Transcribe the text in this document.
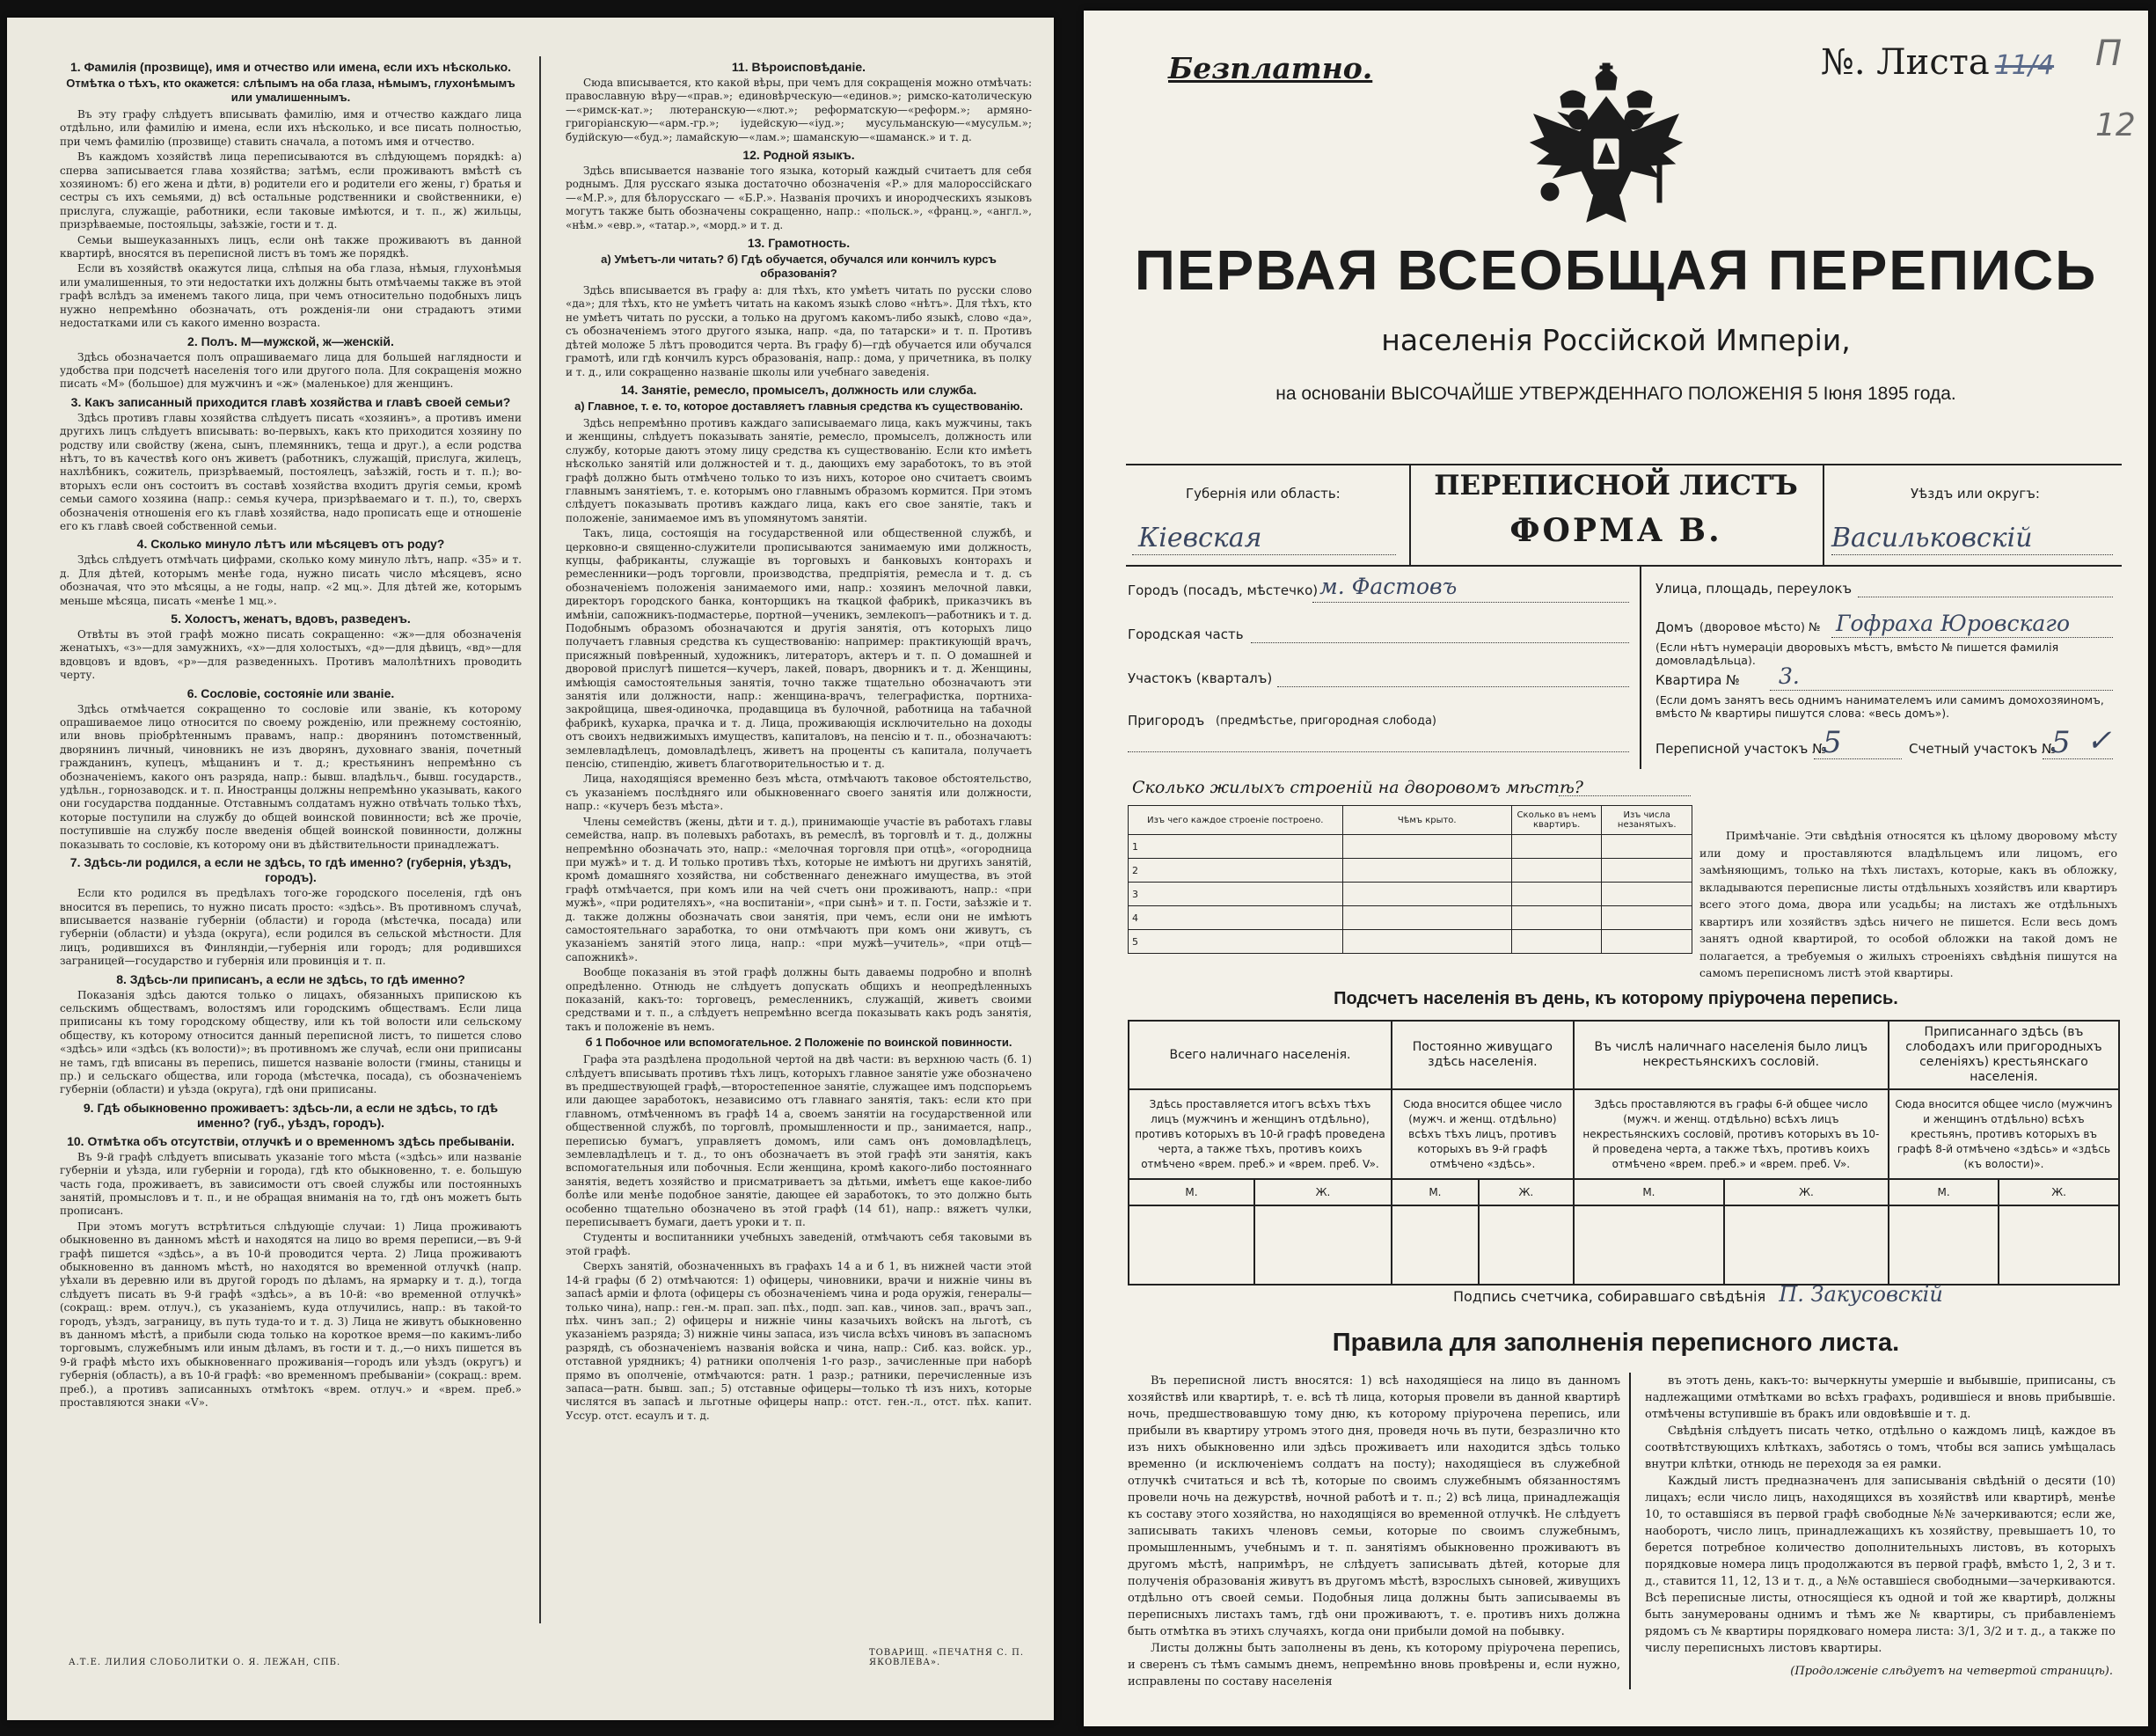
1. Фамилія (прозвище), имя и отчество или имена, если ихъ нѣсколько.
Отмѣтка о тѣхъ, кто окажется: слѣпымъ на оба глаза, нѣмымъ, глухонѣмымъ или умалишеннымъ.
Въ эту графу слѣдуетъ вписывать фамилію, имя и отчество каждаго лица отдѣльно, или фамилію и имена, если ихъ нѣсколько, и все писать полностью, при чемъ фамилію (прозвище) ставить сначала, а потомъ имя и отчество.
Въ каждомъ хозяйствѣ лица переписываются въ слѣдующемъ порядкѣ: а) сперва записывается глава хозяйства; затѣмъ, если проживаютъ вмѣстѣ съ хозяиномъ: б) его жена и дѣти, в) родители его и родители его жены, г) братья и сестры съ ихъ семьями, д) всѣ остальные родственники и свойственники, е) прислуга, служащіе, работники, если таковые имѣются, и т. п., ж) жильцы, призрѣваемые, постояльцы, заѣзжіе, гости и т. д.
Семьи вышеуказанныхъ лицъ, если онѣ также проживаютъ въ данной квартирѣ, вносятся въ переписной листъ въ томъ же порядкѣ.
Если въ хозяйствѣ окажутся лица, слѣпыя на оба глаза, нѣмыя, глухонѣмыя или умалишенныя, то эти недостатки ихъ должны быть отмѣчаемы также въ этой графѣ вслѣдъ за именемъ такого лица, при чемъ относительно подобныхъ лицъ нужно непремѣнно обозначать, отъ рожденія-ли они страдаютъ этими недостатками или съ какого именно возраста.
2. Полъ. М—мужской, ж—женскій.
Здѣсь обозначается полъ опрашиваемаго лица для большей наглядности и удобства при подсчетѣ населенія того или другого пола. Для сокращенія можно писать «М» (большое) для мужчинъ и «ж» (маленькое) для женщинъ.
3. Какъ записанный приходится главѣ хозяйства и главѣ своей семьи?
Здѣсь противъ главы хозяйства слѣдуетъ писать «хозяинъ», а противъ имени другихъ лицъ слѣдуетъ вписывать: во-первыхъ, какъ кто приходится хозяину по родству или свойству (жена, сынъ, племянникъ, теща и друг.), а если родства нѣтъ, то въ качествѣ кого онъ живетъ (работникъ, служащій, прислуга, жилецъ, нахлѣбникъ, сожитель, призрѣваемый, постоялецъ, заѣзжій, гость и т. п.); во-вторыхъ если онъ состоитъ въ составѣ хозяйства входитъ другія семьи, кромѣ семьи самого хозяина (напр.: семья кучера, призрѣваемаго и т. п.), то, сверхъ обозначенія отношенія его къ главѣ хозяйства, надо прописать еще и отношеніе его къ главѣ своей собственной семьи.
4. Сколько минуло лѣтъ или мѣсяцевъ отъ роду?
Здѣсь слѣдуетъ отмѣчать цифрами, сколько кому минуло лѣтъ, напр. «35» и т. д. Для дѣтей, которымъ менѣе года, нужно писать число мѣсяцевъ, ясно обозначая, что это мѣсяцы, а не годы, напр. «2 мц.». Для дѣтей же, которымъ меньше мѣсяца, писать «менѣе 1 мц.».
5. Холостъ, женатъ, вдовъ, разведенъ.
Отвѣты въ этой графѣ можно писать сокращенно: «ж»—для обозначенія женатыхъ, «з»—для замужнихъ, «х»—для холостыхъ, «д»—для дѣвицъ, «вд»—для вдовцовъ и вдовъ, «р»—для разведенныхъ. Противъ малолѣтнихъ проводить черту.
6. Сословіе, состояніе или званіе.
Здѣсь отмѣчается сокращенно то сословіе или званіе, къ которому опрашиваемое лицо относится по своему рожденію, или прежнему состоянію, или вновь пріобрѣтеннымъ правамъ, напр.: дворянинъ потомственный, дворянинъ личный, чиновникъ не изъ дворянъ, духовнаго званія, почетный гражданинъ, купецъ, мѣщанинъ и т. д.; крестьянинъ непремѣнно съ обозначеніемъ, какого онъ разряда, напр.: бывш. владѣльч., бывш. государств., удѣльн., горнозаводск. и т. п. Иностранцы должны непремѣнно указывать, какого они государства подданные. Отставнымъ солдатамъ нужно отвѣчать только тѣхъ, которые поступили на службу до общей воинской повинности; всѣ же прочіе, поступившіе на службу после введенія общей воинской повинности, должны показывать то сословіе, къ которому они въ дѣйствительности принадлежатъ.
7. Здѣсь-ли родился, а если не здѣсь, то гдѣ именно? (губернія, уѣздъ, городъ).
Если кто родился въ предѣлахъ того-же городского поселенія, гдѣ онъ вносится въ перепись, то нужно писать просто: «здѣсь». Въ противномъ случаѣ, вписывается названіе губерніи (области) и города (мѣстечка, посада) или губерніи (области) и уѣзда (округа), если родился въ сельской мѣстности. Для лицъ, родившихся въ Финляндіи,—губернія или городъ; для родившихся заграницей—государство и губернія или провинція и т. п.
8. Здѣсь-ли приписанъ, а если не здѣсь, то гдѣ именно?
Показанія здѣсь даются только о лицахъ, обязанныхъ припискою къ сельскимъ обществамъ, волостямъ или городскимъ обществамъ. Если лица приписаны къ тому городскому обществу, или къ той волости или сельскому обществу, къ которому относится данный переписной листъ, то пишется слово «здѣсь» или «здѣсь (къ волости)»; въ противномъ же случаѣ, если они приписаны не тамъ, гдѣ вписаны въ перепись, пишется названіе волости (гмины, станицы и пр.) и сельскаго общества, или города (мѣстечка, посада), съ обозначеніемъ губерніи (области) и уѣзда (округа), гдѣ они приписаны.
9. Гдѣ обыкновенно проживаетъ: здѣсь-ли, а если не здѣсь, то гдѣ именно? (губ., уѣздъ, городъ).
10. Отмѣтка объ отсутствіи, отлучкѣ и о временномъ здѣсь пребываніи.
Въ 9-й графѣ слѣдуетъ вписывать указаніе того мѣста («здѣсь» или названіе губерніи и уѣзда, или губерніи и города), гдѣ кто обыкновенно, т. е. большую часть года, проживаетъ, въ зависимости отъ своей службы или постоянныхъ занятій, промысловъ и т. п., и не обращая вниманія на то, гдѣ онъ можетъ быть прописанъ.
При этомъ могутъ встрѣтиться слѣдующіе случаи: 1) Лица проживаютъ обыкновенно въ данномъ мѣстѣ и находятся на лицо во время переписи,—въ 9-й графѣ пишется «здѣсь», а въ 10-й проводится черта. 2) Лица проживаютъ обыкновенно въ данномъ мѣстѣ, но находятся во временной отлучкѣ (напр. уѣхали въ деревню или въ другой городъ по дѣламъ, на ярмарку и т. д.), тогда слѣдуетъ писать въ 9-й графѣ «здѣсь», а въ 10-й: «во временной отлучкѣ» (сокращ.: врем. отлуч.), съ указаніемъ, куда отлучились, напр.: въ такой-то городъ, уѣздъ, заграницу, въ путь туда-то и т. д. 3) Лица не живутъ обыкновенно въ данномъ мѣстѣ, а прибыли сюда только на короткое время—по какимъ-либо торговымъ, служебнымъ или иным дѣламъ, въ гости и т. д.,—о нихъ пишется въ 9-й графѣ мѣсто ихъ обыкновеннаго проживанія—городъ или уѣздъ (округъ) и губернія (область), а въ 10-й графѣ: «во временномъ пребываніи» (сокращ.: врем. преб.), а противъ записанныхъ отмѣтокъ «врем. отлуч.» и «врем. преб.» проставляются знаки «V».
11. Вѣроисповѣданіе.
Сюда вписывается, кто какой вѣры, при чемъ для сокращенія можно отмѣчать: православную вѣру—«прав.»; единовѣрческую—«единов.»; римско-католическую—«римск-кат.»; лютеранскую—«лют.»; реформатскую—«реформ.»; армяно-григоріанскую—«арм.-гр.»; іудейскую—«іуд.»; мусульманскую—«мусульм.»; будійскую—«буд.»; ламайскую—«лам.»; шаманскую—«шаманск.» и т. д.
12. Родной языкъ.
Здѣсь вписывается названіе того языка, который каждый считаетъ для себя роднымъ. Для русскаго языка достаточно обозначенія «Р.» для малороссійскаго—«М.Р.», для бѣлорусскаго — «Б.Р.». Названія прочихъ и инородческихъ языковъ могутъ также быть обозначены сокращенно, напр.: «польск.», «франц.», «англ.», «нѣм.» «евр.», «татар.», «морд.» и т. д.
13. Грамотность.
а) Умѣетъ-ли читать? б) Гдѣ обучается, обучался или кончилъ курсъ образованія?
Здѣсь вписывается въ графу а: для тѣхъ, кто умѣетъ читать по русски слово «да»; для тѣхъ, кто не умѣетъ читать на какомъ языкѣ слово «нѣтъ». Для тѣхъ, кто не умѣетъ читать по русски, а только на другомъ какомъ-либо языкѣ, слово «да», съ обозначеніемъ этого другого языка, напр. «да, по татарски» и т. п. Противъ дѣтей моложе 5 лѣтъ проводится черта. Въ графу б)—гдѣ обучается или обучался грамотѣ, или гдѣ кончилъ курсъ образованія, напр.: дома, у причетника, въ полку и т. д., или сокращенно названіе школы или учебнаго заведенія.
14. Занятіе, ремесло, промыселъ, должность или служба.
а) Главное, т. е. то, которое доставляетъ главныя средства къ существованію.
Здѣсь непремѣнно противъ каждаго записываемаго лица, какъ мужчины, такъ и женщины, слѣдуетъ показывать занятіе, ремесло, промыселъ, должность или службу, которые даютъ этому лицу средства къ существованію. Если кто имѣетъ нѣсколько занятій или должностей и т. д., дающихъ ему заработокъ, то въ этой графѣ должно быть отмѣчено только то изъ нихъ, которое оно считаетъ своимъ главнымъ занятіемъ, т. е. которымъ оно главнымъ образомъ кормится. При этомъ слѣдуетъ показывать противъ каждаго лица, какъ его свое занятіе, такъ и положеніе, занимаемое имъ въ упомянутомъ занятіи.
Такъ, лица, состоящія на государственной или общественной службѣ, и церковно-и священно-служители прописываются занимаемую ими должность, купцы, фабриканты, служащіе въ торговыхъ и банковыхъ конторахъ и ремесленники—родъ торговли, производства, предпріятія, ремесла и т. д. съ обозначеніемъ положенія занимаемого ими, напр.: хозяинъ мелочной лавки, директоръ городского банка, конторщикъ на ткацкой фабрикѣ, приказчикъ въ имѣніи, сапожникъ-подмастерье, портной—ученикъ, землекопъ—работникъ и т. д. Подобнымъ образомъ обозначаются и другія занятія, отъ которыхъ лицо получаетъ главныя средства къ существованію: например: практикующій врачъ, присяжный повѣренный, художникъ, литераторъ, актеръ и т. п. О домашней и дворовой прислугѣ пишется—кучеръ, лакей, поваръ, дворникъ и т. д. Женщины, имѣющія самостоятельныя занятія, точно также тщательно обозначаютъ эти занятія или должности, напр.: женщина-врачъ, телеграфистка, портниха-закройщица, швея-одиночка, продавщица въ булочной, работница на табачной фабрикѣ, кухарка, прачка и т. д. Лица, проживающія исключительно на доходы отъ своихъ недвижимыхъ имуществъ, капиталовъ, на пенсію и т. п., обозначаютъ: землевладѣлецъ, домовладѣлецъ, живетъ на проценты съ капитала, получаетъ пенсію, стипендію, живетъ благотворительностью и т. д.
Лица, находящіяся временно безъ мѣста, отмѣчаютъ таковое обстоятельство, съ указаніемъ послѣдняго или обыкновеннаго своего занятія или должности, напр.: «кучеръ безъ мѣста».
Члены семействъ (жены, дѣти и т. д.), принимающіе участіе въ работахъ главы семейства, напр. въ полевыхъ работахъ, въ ремеслѣ, въ торговлѣ и т. д., должны непремѣнно обозначать это, напр.: «мелочная торговля при отцѣ», «огородница при мужѣ» и т. д. И только противъ тѣхъ, которые не имѣютъ ни другихъ занятій, кромѣ домашняго хозяйства, ни собственнаго денежнаго имущества, въ этой графѣ отмѣчается, при комъ или на чей счетъ они проживаютъ, напр.: «при мужѣ», «при родителяхъ», «на воспитаніи», «при сынѣ» и т. п. Гости, заѣзжіе и т. д. также должны обозначать свои занятія, при чемъ, если они не имѣютъ самостоятельнаго заработка, то они отмѣчаютъ при комъ они живутъ, съ указаніемъ занятій этого лица, напр.: «при мужѣ—учитель», «при отцѣ—сапожникѣ».
Вообще показанія въ этой графѣ должны быть даваемы подробно и вполнѣ опредѣленно. Отнюдь не слѣдуетъ допускать общихъ и неопредѣленныхъ показаній, какъ-то: торговецъ, ремесленникъ, служащій, живетъ своими средствами и т. п., а слѣдуетъ непремѣнно всегда показывать какъ родъ занятія, такъ и положеніе въ немъ.
б 1 Побочное или вспомогательное. 2 Положеніе по воинской повинности.
Графа эта раздѣлена продольной чертой на двѣ части: въ верхнюю часть (б. 1) слѣдуетъ вписывать противъ тѣхъ лицъ, которыхъ главное занятіе уже обозначено въ предшествующей графѣ,—второстепенное занятіе, служащее имъ подспорьемъ или дающее заработокъ, независимо отъ главнаго занятія, такъ: если кто при главномъ, отмѣченномъ въ графѣ 14 а, своемъ занятіи на государственной или общественной службѣ, по торговлѣ, промышленности и пр., занимается, напр., переписью бумагъ, управляетъ домомъ, или самъ онъ домовладѣлецъ, землевладѣлецъ и т. д., то онъ обозначаетъ въ этой графѣ эти занятія, какъ вспомогательныя или побочныя. Если женщина, кромѣ какого-либо постояннаго занятія, ведетъ хозяйство и присматриваетъ за дѣтьми, имѣетъ еще какое-либо болѣе или менѣе подобное занятіе, дающее ей заработокъ, то это должно быть особенно тщательно обозначено въ этой графѣ (14 б1), напр.: вяжетъ чулки, переписываетъ бумаги, даетъ уроки и т. п.
Студенты и воспитанники учебныхъ заведеній, отмѣчаютъ себя таковыми въ этой графѣ.
Сверхъ занятій, обозначенныхъ въ графахъ 14 а и б 1, въ нижней части этой 14-й графы (б 2) отмѣчаются: 1) офицеры, чиновники, врачи и нижніе чины въ запасѣ арміи и флота (офицеры съ обозначеніемъ чина и рода оружія, генералы—только чина), напр.: ген.-м. прап. зап. пѣх., подп. зап. кав., чинов. зап., врачъ зап., пѣх. чинъ зап.; 2) офицеры и нижніе чины казачьихъ войскъ на льготѣ, съ указаніемъ разряда; 3) нижніе чины запаса, изъ числа всѣхъ чиновъ въ запасномъ разрядѣ, съ обозначеніемъ названія войска и чина, напр.: Сиб. каз. войск. ур., отставной урядникъ; 4) ратники ополченія 1-го разр., зачисленные при наборѣ прямо въ ополченіе, отмѣчаются: ратн. 1 разр.; ратники, перечисленные изъ запаса—ратн. бывш. зап.; 5) отставные офицеры—только тѣ изъ нихъ, которые числятся въ запасѣ и льготные офицеры напр.: отст. ген.-л., отст. пѣх. капит. Уссур. отст. есаулъ и т. д.
А.Т.Е. ЛИЛИЯ СЛОБОЛИТКИ О. Я. ЛЕЖАН, СПБ.
ТОВАРИЩ. «ПЕЧАТНЯ С. П. ЯКОВЛЕВА».
Безплатно.	№. Листа 11/4 П
12
ПЕРВАЯ ВСЕОБЩАЯ ПЕРЕПИСЬ
населенія Россійской Имперіи,
на основаніи ВЫСОЧАЙШЕ УТВЕРЖДЕННАГО ПОЛОЖЕНІЯ 5 Іюня 1895 года.
Губернія или область:
Кіевская
ПЕРЕПИСНОЙ ЛИСТЪ
ФОРМА В.
Уѣздъ или округъ:
Васильковскій
Городъ (посадъ, мѣстечко) м. Фастовъ
Городская часть
Участокъ (кварталъ)
Пригородъ (предмѣстье, пригородная слобода)
Улица, площадь, переулокъ
Домъ (дворовое мѣсто) № Гофраха Юровскаго
(Если нѣтъ нумераціи дворовыхъ мѣстъ, вмѣсто № пишется фамилія домовладѣльца).
Квартира № 3.
(Если домъ занятъ весь однимъ нанимателемъ или самимъ домохозяиномъ, вмѣсто № квартиры пишутся слова: «весь домъ»).
Переписной участокъ №
5	Счетный участокъ №
5 ✓
Сколько жилыхъ строеній на дворовомъ мѣстѣ?
Изъ чего каждое строеніе построено.	Чѣмъ крыто.	Сколько въ немъ квартиръ.	Изъ числа незанятыхъ.
1			
2			
3			
4			
5			
Примѣчаніе. Эти свѣдѣнія относятся къ цѣлому дворовому мѣсту или дому и проставляются владѣльцемъ или лицомъ, его замѣняющимъ, только на тѣхъ листахъ, которые, какъ въ обложку, вкладываются переписные листы отдѣльныхъ хозяйствъ или квартиръ всего этого дома, двора или усадьбы; на листахъ же отдѣльныхъ квартиръ или хозяйствъ здѣсь ничего не пишется. Если весь домъ занятъ одной квартирой, то особой обложки на такой домъ не полагается, а требуемыя о жилыхъ строеніяхъ свѣдѣнія пишутся на самомъ переписномъ листѣ этой квартиры.
Подсчетъ населенія въ день, къ которому пріурочена перепись.
Всего наличнаго населенія.		Постоянно живущаго здѣсь населенія.		Въ числѣ наличнаго населенія было лицъ некрестьянскихъ сословій.		Приписаннаго здѣсь (въ слободахъ или пригородныхъ селеніяхъ) крестьянскаго населенія.	
Здѣсь проставляется итогъ всѣхъ тѣхъ лицъ (мужчинъ и женщинъ отдѣльно), противъ которыхъ въ 10-й графѣ проведена черта, а также тѣхъ, противъ коихъ отмѣчено «врем. преб.» и «врем. преб. V».		Сюда вносится общее число (мужч. и женщ. отдѣльно) всѣхъ тѣхъ лицъ, противъ которыхъ въ 9-й графѣ отмѣчено «здѣсь».		Здѣсь проставляются въ графы 6-й общее число (мужч. и женщ. отдѣльно) всѣхъ лицъ некрестьянскихъ сословій, противъ которыхъ въ 10-й проведена черта, а также тѣхъ, противъ коихъ отмѣчено «врем. преб.» и «врем. преб. V».		Сюда вносится общее число (мужчинъ и женщинъ отдѣльно) всѣхъ крестьянъ, противъ которыхъ въ графѣ 8-й отмѣчено «здѣсь» и «здѣсь (къ волости)».	
М.	Ж.	М.	Ж.	М.	Ж.	М.	Ж.

Подпись счетчика, собиравшаго свѣдѣнія П. Закусовскій
Правила для заполненія переписного листа.
Въ переписной листъ вносятся: 1) всѣ находящіеся на лицо въ данномъ хозяйствѣ или квартирѣ, т. е. всѣ тѣ лица, которыя провели въ данной квартирѣ ночь, предшествовавшую тому дню, къ которому пріурочена перепись, или прибыли въ квартиру утромъ этого дня, проведя ночь въ пути, безразлично кто изъ нихъ обыкновенно или здѣсь проживаетъ или находится здѣсь только временно (и исключеніемъ солдатъ на посту); находящіеся въ служебной отлучкѣ считаться и всѣ тѣ, которые по своимъ служебнымъ обязанностямъ провели ночь на дежурствѣ, ночной работѣ и т. п.; 2) всѣ лица, принадлежащія къ составу этого хозяйства, но находящіяся во временной отлучкѣ. Не слѣдуетъ записывать такихъ членовъ семьи, которые по своимъ служебнымъ, промышленнымъ, учебнымъ и т. п. занятіямъ обыкновенно проживаютъ въ другомъ мѣстѣ, напримѣръ, не слѣдуетъ записывать дѣтей, которые для полученія образованія живутъ въ другомъ мѣстѣ, взрослыхъ сыновей, живущихъ отдѣльно отъ своей семьи. Подобныя лица должны быть записываемы въ переписныхъ листахъ тамъ, гдѣ они проживаютъ, т. е. противъ нихъ должна быть отмѣтка въ этихъ случаяхъ, когда они прибыли домой на побывку.
Листы должны быть заполнены въ день, къ которому пріурочена перепись, и сверенъ съ тѣмъ самымъ днемъ, непремѣнно вновь провѣрены и, если нужно, исправлены по составу населенія
въ этотъ день, какъ-то: вычеркнуты умершіе и выбывшіе, приписаны, съ надлежащими отмѣтками во всѣхъ графахъ, родившіеся и вновь прибывшіе. отмѣчены вступившіе въ бракъ или овдовѣвшіе и т. д.
Свѣдѣнія слѣдуетъ писать четко, отдѣльно о каждомъ лицѣ, каждое въ соотвѣтствующихъ клѣткахъ, заботясь о томъ, чтобы вся запись умѣщалась внутри клѣтки, отнюдь не переходя за ея рамки.
Каждый листъ предназначенъ для записыванія свѣдѣній о десяти (10) лицахъ; если число лицъ, находящихся въ хозяйствѣ или квартирѣ, менѣе 10, то оставшіяся въ первой графѣ свободные №№ зачеркиваются; если же, наоборотъ, число лицъ, принадлежащихъ къ хозяйству, превышаетъ 10, то берется потребное количество дополнительныхъ листовъ, въ которыхъ порядковые номера лицъ продолжаются въ первой графѣ, вмѣсто 1, 2, 3 и т. д., ставится 11, 12, 13 и т. д., а №№ оставшіеся свободными—зачеркиваются. Всѣ переписные листы, относящіеся къ одной и той же квартирѣ, должны быть занумерованы однимъ и тѣмъ же № квартиры, съ прибавленіемъ рядомъ съ № квартиры порядковаго номера листа: 3/1, 3/2 и т. д., а также по числу переписныхъ листовъ квартиры.
(Продолженіе слѣдуетъ на четвертой страницѣ).
